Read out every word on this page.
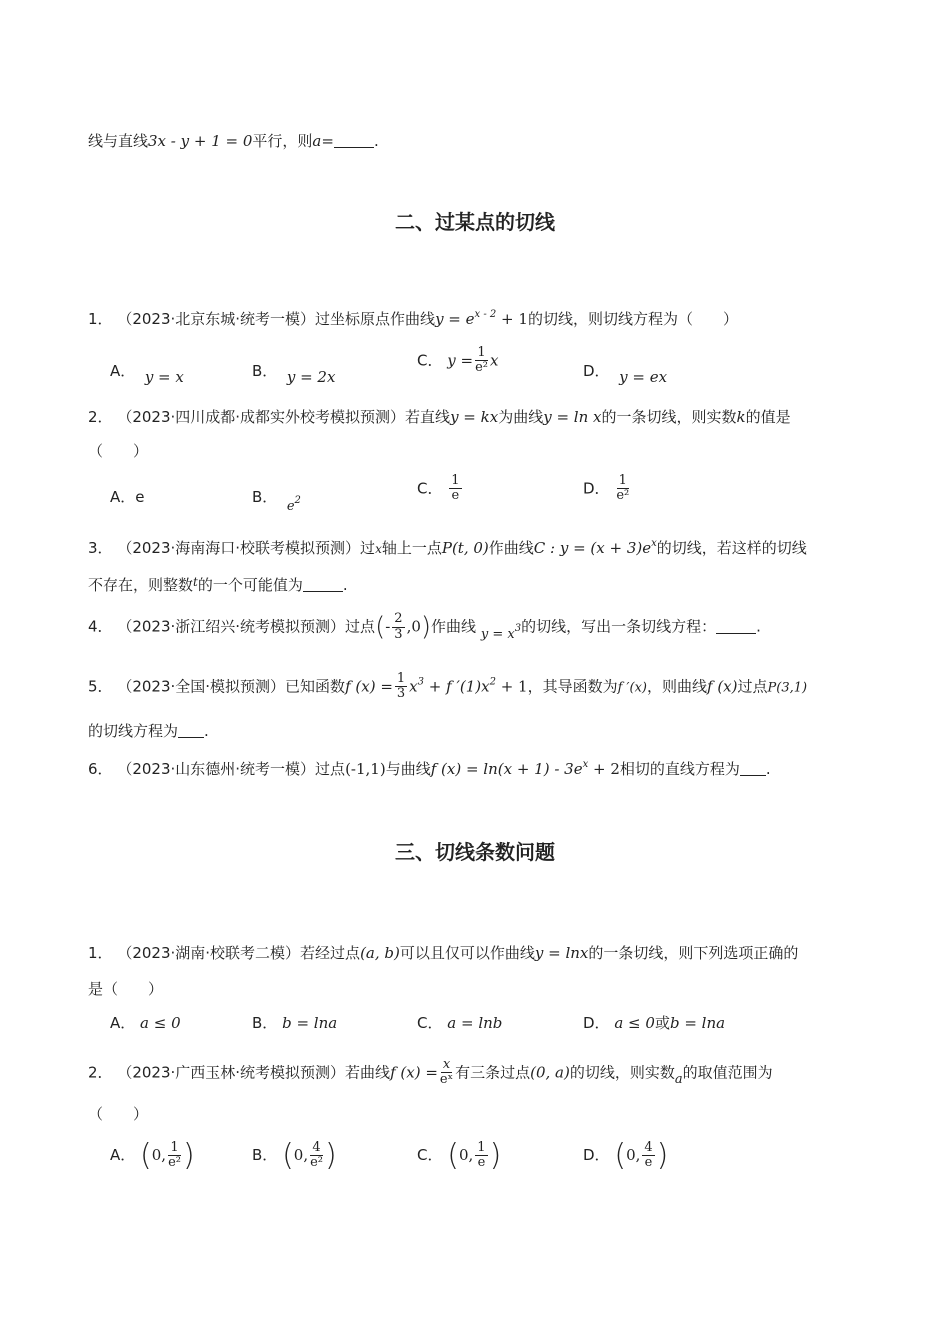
线与直线3x - y + 1 = 0平行，则a=	.
二、过某点的切线
1． （2023·北京东城·统考一模）过坐标原点作曲线$y = e^{x - 2} + 1$的切线，则切线方程为（　　）
A． y = x	B． y = 2x
C． $y = \frac{1}{\text{e²}}$ x
D． y = ex
2． （2023·四川成都·成都实外校考模拟预测）若直线y = kx为曲线y = ln x的一条切线，则实数k的值是
（　　）
A．e	B．  $e^2$
C． $\frac{1}{e}$	D． $\frac{1}{\text{e²}}$
3． （2023·海南海口·校联考模拟预测）过x轴上一点P(t, 0)作曲线C : $y = (x + 3)e^x$的切线，若这样的切线
不存在，则整数$^t$的一个可能值为	.
4． （2023·浙江绍兴·统考模拟预测）过点(- $\frac{2}{3} ,0$)作曲线 $y = x^3$的切线，写出一条切线方程：	.
5． （2023·全国·模拟预测）已知函数f $(x) = \frac{1}{3} x^3 + f$ $'(1)x^2 + 1$，其导函数为f ′(x)，则曲线f (x)过点P(3,1)
的切线方程为 .
6． （2023·山东德州·统考一模）过点(-1,1)与曲线f $(x) = \ln(x + 1) - 3e^x + 2$相切的直线方程为 .
三、切线条数问题
1． （2023·湖南·校联考二模）若经过点(a, b)可以且仅可以作曲线y = lnx的一条切线，则下列选项正确的
是（　　）
A． a ≤ 0	B． b = lna	C． a = lnb	D． a ≤ 0或b = lna
2． （2023·广西玉林·统考模拟预测）若曲线f $(x) = \frac{x}{\text{eˣ}}$ 有三条过点(0, a)的切线，则实数a的取值范围为
（　　）
A． (0, $\frac{1}{\text{e²}}$ )	B． (0, $\frac{4}{\text{e²}}$ )	C． (0, $\frac{1}{e}$ )	D． (0, $\frac{4}{e}$ )
